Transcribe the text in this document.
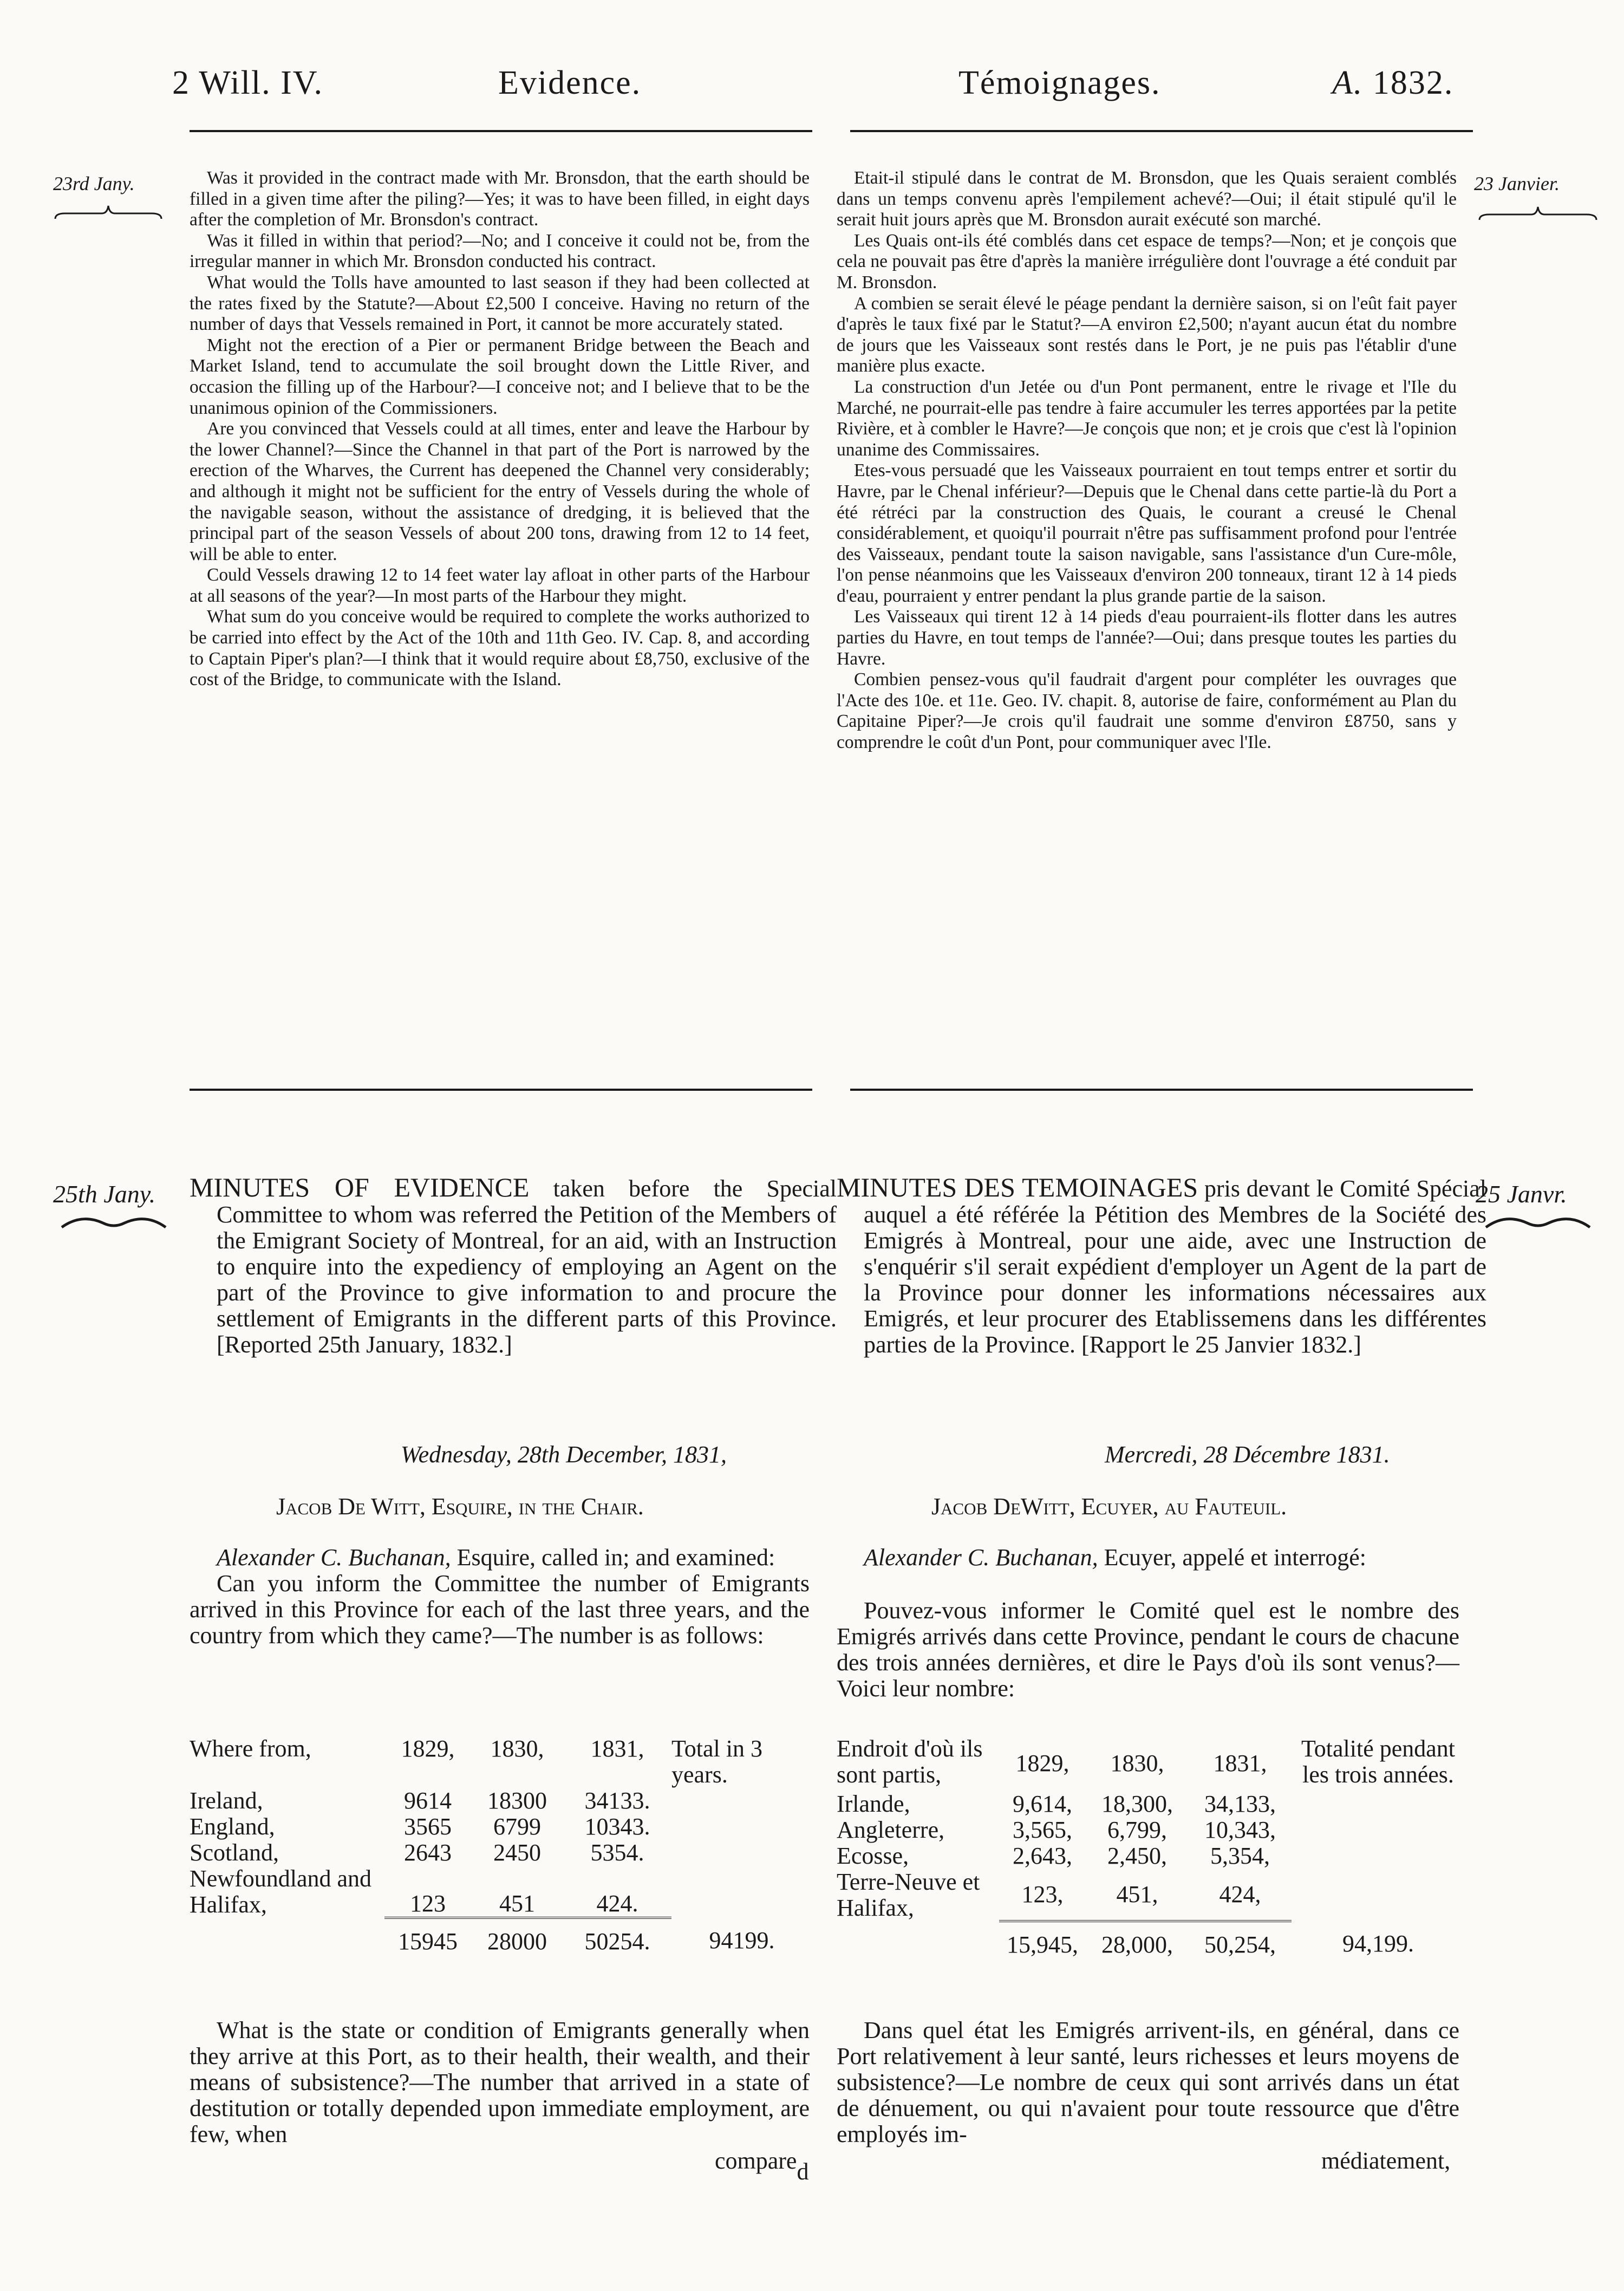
2 Will. IV.	Evidence.	Témoignages.	A. 1832.
23rd Jany.	23 Janvier.

Was it provided in the contract made with Mr. Bronsdon, that the earth should be filled in a given time after the piling?—Yes; it was to have been filled, in eight days after the completion of Mr. Bronsdon's contract.

Was it filled in within that period?—No; and I conceive it could not be, from the irregular manner in which Mr. Bronsdon conducted his contract.

What would the Tolls have amounted to last season if they had been collected at the rates fixed by the Statute?—About £2,500 I conceive. Having no return of the number of days that Vessels remained in Port, it cannot be more accurately stated.

Might not the erection of a Pier or permanent Bridge between the Beach and Market Island, tend to accumulate the soil brought down the Little River, and occasion the filling up of the Harbour?—I conceive not; and I believe that to be the unanimous opinion of the Commissioners.

Are you convinced that Vessels could at all times, enter and leave the Harbour by the lower Channel?—Since the Channel in that part of the Port is narrowed by the erection of the Wharves, the Current has deepened the Channel very considerably; and although it might not be sufficient for the entry of Vessels during the whole of the navigable season, without the assistance of dredging, it is believed that the principal part of the season Vessels of about 200 tons, drawing from 12 to 14 feet, will be able to enter.

Could Vessels drawing 12 to 14 feet water lay afloat in other parts of the Harbour at all seasons of the year?—In most parts of the Harbour they might.

What sum do you conceive would be required to complete the works authorized to be carried into effect by the Act of the 10th and 11th Geo. IV. Cap. 8, and according to Captain Piper's plan?—I think that it would require about £8,750, exclusive of the cost of the Bridge, to communicate with the Island.

Etait-il stipulé dans le contrat de M. Bronsdon, que les Quais seraient comblés dans un temps convenu après l'empilement achevé?—Oui; il était stipulé qu'il le serait huit jours après que M. Bronsdon aurait exécuté son marché.

Les Quais ont-ils été comblés dans cet espace de temps?—Non; et je conçois que cela ne pouvait pas être d'après la manière irrégulière dont l'ouvrage a été conduit par M. Bronsdon.

A combien se serait élevé le péage pendant la dernière saison, si on l'eût fait payer d'après le taux fixé par le Statut?—A environ £2,500; n'ayant aucun état du nombre de jours que les Vaisseaux sont restés dans le Port, je ne puis pas l'établir d'une manière plus exacte.

La construction d'un Jetée ou d'un Pont permanent, entre le rivage et l'Ile du Marché, ne pourrait-elle pas tendre à faire accumuler les terres apportées par la petite Rivière, et à combler le Havre?—Je conçois que non; et je crois que c'est là l'opinion unanime des Commissaires.

Etes-vous persuadé que les Vaisseaux pourraient en tout temps entrer et sortir du Havre, par le Chenal inférieur?—Depuis que le Chenal dans cette partie-là du Port a été rétréci par la construction des Quais, le courant a creusé le Chenal considérablement, et quoiqu'il pourrait n'être pas suffisamment profond pour l'entrée des Vaisseaux, pendant toute la saison navigable, sans l'assistance d'un Cure-môle, l'on pense néanmoins que les Vaisseaux d'environ 200 tonneaux, tirant 12 à 14 pieds d'eau, pourraient y entrer pendant la plus grande partie de la saison.

Les Vaisseaux qui tirent 12 à 14 pieds d'eau pourraient-ils flotter dans les autres parties du Havre, en tout temps de l'année?—Oui; dans presque toutes les parties du Havre.

Combien pensez-vous qu'il faudrait d'argent pour compléter les ouvrages que l'Acte des 10e. et 11e. Geo. IV. chapit. 8, autorise de faire, conformément au Plan du Capitaine Piper?—Je crois qu'il faudrait une somme d'environ £8750, sans y comprendre le coût d'un Pont, pour communiquer avec l'Ile.

25th Jany.	25 Janvr.
MINUTES OF EVIDENCE taken before the Special Committee to whom was referred the Petition of the Members of the Emigrant Society of Montreal, for an aid, with an Instruction to enquire into the expediency of employing an Agent on the part of the Province to give information to and procure the settlement of Emigrants in the different parts of this Province. [Reported 25th January, 1832.]
Wednesday, 28th December, 1831,
Jacob De Witt, Esquire, in the Chair.

Alexander C. Buchanan, Esquire, called in; and examined:

Can you inform the Committee the number of Emigrants arrived in this Province for each of the last three years, and the country from which they came?—The number is as follows:

Where from,	1829,	1830,	1831,	Total in 3 years.
Ireland,	9614	18300	34133.	
England,	3565	6799	10343.	
Scotland,	2643	2450	5354.	
Newfoundland and Halifax,	123	451	424.	
	15945	28000	50254.	94199.

What is the state or condition of Emigrants generally when they arrive at this Port, as to their health, their wealth, and their means of subsistence?—The number that arrived in a state of destitution or totally depended upon immediate employment, are few, when

compared
MINUTES DES TEMOINAGES pris devant le Comité Spécial auquel a été référée la Pétition des Membres de la Société des Emigrés à Montreal, pour une aide, avec une Instruction de s'enquérir s'il serait expédient d'employer un Agent de la part de la Province pour donner les informations nécessaires aux Emigrés, et leur procurer des Etablissemens dans les différentes parties de la Province. [Rapport le 25 Janvier 1832.]
Mercredi, 28 Décembre 1831.
Jacob DeWitt, Ecuyer, au Fauteuil.

Alexander C. Buchanan, Ecuyer, appelé et interrogé:

Pouvez-vous informer le Comité quel est le nombre des Emigrés arrivés dans cette Province, pendant le cours de chacune des trois années dernières, et dire le Pays d'où ils sont venus?—Voici leur nombre:

Endroit d'où ils sont partis,	1829,	1830,	1831,	Totalité pendant les trois années.
Irlande,	9,614,	18,300,	34,133,	
Angleterre,	3,565,	6,799,	10,343,	
Ecosse,	2,643,	2,450,	5,354,	
Terre-Neuve et Halifax,	123,	451,	424,	
	15,945,	28,000,	50,254,	94,199.

Dans quel état les Emigrés arrivent-ils, en général, dans ce Port relativement à leur santé, leurs richesses et leurs moyens de subsistence?—Le nombre de ceux qui sont arrivés dans un état de dénuement, ou qui n'avaient pour toute ressource que d'être employés im-

médiatement,
